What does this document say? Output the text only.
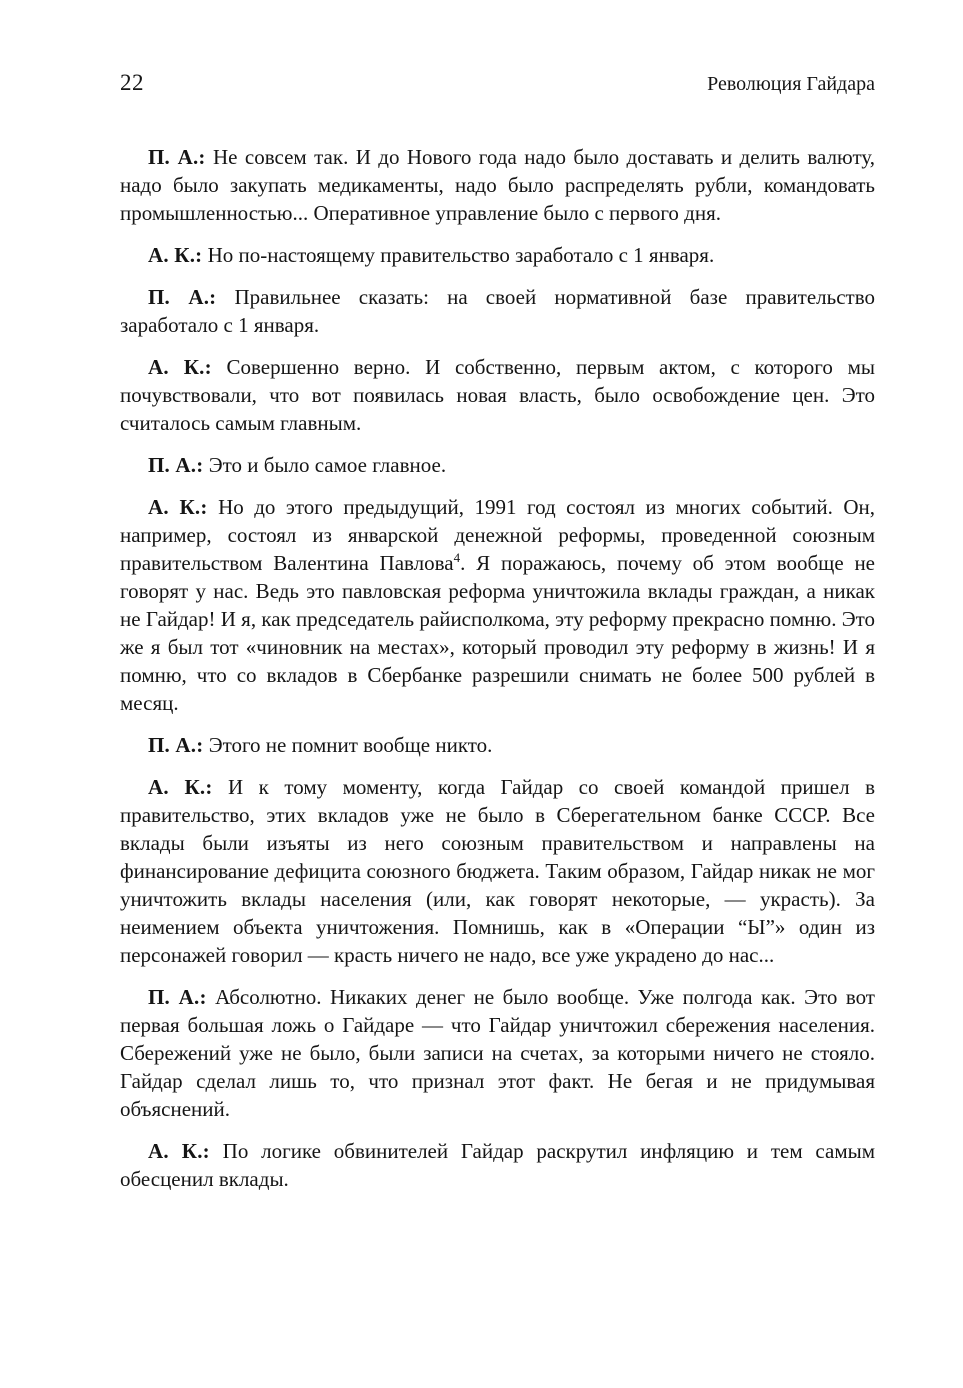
22	Революция Гайдара

П. А.: Не совсем так. И до Нового года надо было доставать и делить валюту, надо было закупать медикаменты, надо было распределять рубли, командовать промышленностью... Оперативное управление было с первого дня.

А. К.: Но по-настоящему правительство заработало с 1 января.

П. А.: Правильнее сказать: на своей нормативной базе правительство заработало с 1 января.

А. К.: Совершенно верно. И собственно, первым актом, с которого мы почувствовали, что вот появилась новая власть, было освобождение цен. Это считалось самым главным.

П. А.: Это и было самое главное.

А. К.: Но до этого предыдущий, 1991 год состоял из многих событий. Он, например, состоял из январской денежной реформы, проведенной союзным правительством Валентина Павлова$^4$. Я поражаюсь, почему об этом вообще не говорят у нас. Ведь это павловская реформа уничтожила вклады граждан, а никак не Гайдар! И я, как председатель райисполкома, эту реформу прекрасно помню. Это же я был тот «чиновник на местах», который проводил эту реформу в жизнь! И я помню, что со вкладов в Сбербанке разрешили снимать не более 500 рублей в месяц.

П. А.: Этого не помнит вообще никто.

А. К.: И к тому моменту, когда Гайдар со своей командой пришел в правительство, этих вкладов уже не было в Сберегательном банке СССР. Все вклады были изъяты из него союзным правительством и направлены на финансирование дефицита союзного бюджета. Таким образом, Гайдар никак не мог уничтожить вклады населения (или, как говорят некоторые, — украсть). За неимением объекта уничтожения. Помнишь, как в «Операции “Ы”» один из персонажей говорил — красть ничего не надо, все уже украдено до нас...

П. А.: Абсолютно. Никаких денег не было вообще. Уже полгода как. Это вот первая большая ложь о Гайдаре — что Гайдар уничтожил сбережения населения. Сбережений уже не было, были записи на счетах, за которыми ничего не стояло. Гайдар сделал лишь то, что признал этот факт. Не бегая и не придумывая объяснений.

А. К.: По логике обвинителей Гайдар раскрутил инфляцию и тем самым обесценил вклады.
